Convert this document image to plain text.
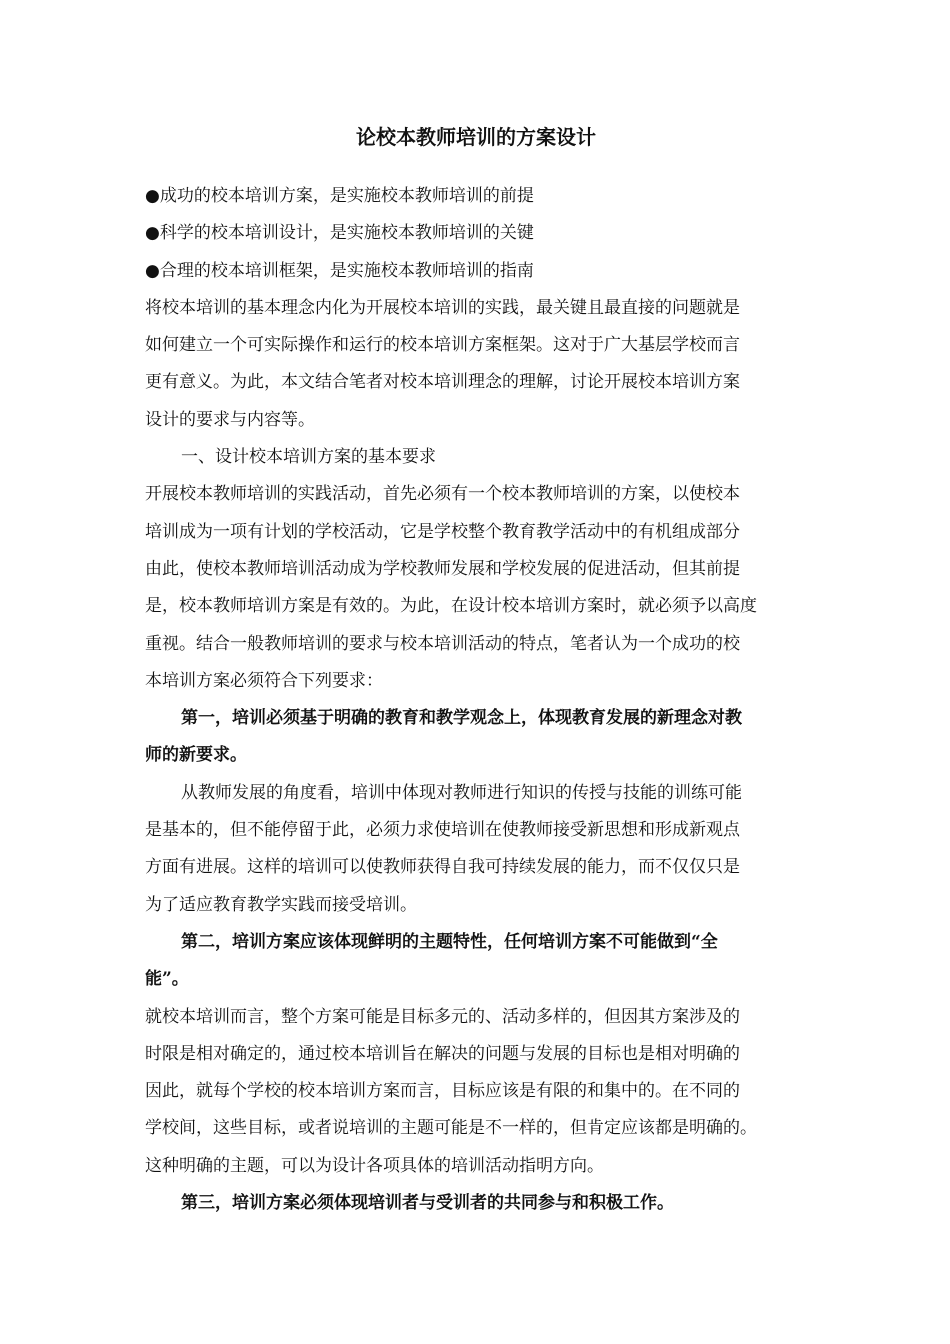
论校本教师培训的方案设计
●成功的校本培训方案，是实施校本教师培训的前提
●科学的校本培训设计，是实施校本教师培训的关键
●合理的校本培训框架，是实施校本教师培训的指南
将校本培训的基本理念内化为开展校本培训的实践，最关键且最直接的问题就是
如何建立一个可实际操作和运行的校本培训方案框架。这对于广大基层学校而言
更有意义。为此，本文结合笔者对校本培训理念的理解，讨论开展校本培训方案
设计的要求与内容等。
一、设计校本培训方案的基本要求
开展校本教师培训的实践活动，首先必须有一个校本教师培训的方案，以使校本
培训成为一项有计划的学校活动，它是学校整个教育教学活动中的有机组成部分
由此，使校本教师培训活动成为学校教师发展和学校发展的促进活动，但其前提
是，校本教师培训方案是有效的。为此，在设计校本培训方案时，就必须予以高度
重视。结合一般教师培训的要求与校本培训活动的特点，笔者认为一个成功的校
本培训方案必须符合下列要求：
第一，培训必须基于明确的教育和教学观念上，体现教育发展的新理念对教
师的新要求。
从教师发展的角度看，培训中体现对教师进行知识的传授与技能的训练可能
是基本的，但不能停留于此，必须力求使培训在使教师接受新思想和形成新观点
方面有进展。这样的培训可以使教师获得自我可持续发展的能力，而不仅仅只是
为了适应教育教学实践而接受培训。
第二，培训方案应该体现鲜明的主题特性，任何培训方案不可能做到“全
能”。
就校本培训而言，整个方案可能是目标多元的、活动多样的，但因其方案涉及的
时限是相对确定的，通过校本培训旨在解决的问题与发展的目标也是相对明确的
因此，就每个学校的校本培训方案而言，目标应该是有限的和集中的。在不同的
学校间，这些目标，或者说培训的主题可能是不一样的，但肯定应该都是明确的。
这种明确的主题，可以为设计各项具体的培训活动指明方向。
第三，培训方案必须体现培训者与受训者的共同参与和积极工作。
